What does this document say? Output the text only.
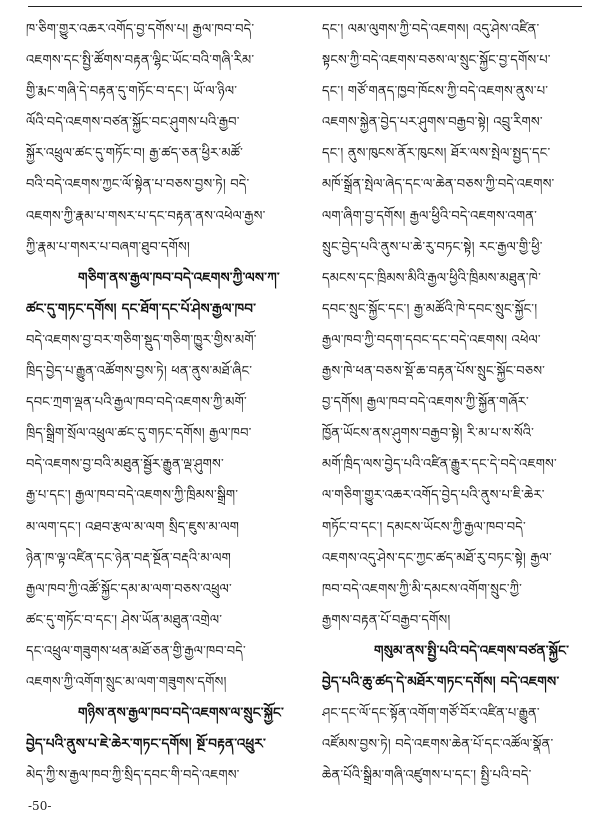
ཁ་ཅིག་གྱུར་འཆར་འགོད་བྱ་དགོས་པ། རྒྱལ་ཁབ་བདེ་
འཇགས་དང་སྤྱི་ཚོགས་བརྟན་ལྷིང་ཡོང་བའི་གཞི་རིམ་
གྱི་རྨང་གཞི་དེ་བརྟན་དུ་གཏོང་བ་དང་། ཡོ་ལ་ཉིལ་
ལོའི་བདེ་འཇགས་བཙན་སྐྱོང་བང་ཤུགས་པའི་རྒྱབ་
སྐྱོར་འཕྲུལ་ཚང་དུ་གཏོང་བ། རྒྱ་ཚད་ཅན་ཕྱིར་མཚོ་
བའི་བདེ་འཇགས་ཀྱང་ལོ་སྟེན་པ་བཅས་བྱས་ཏེ། བདེ་
འཇགས་ཀྱི་རྣམ་པ་གསར་པ་དང་བརྟན་ནས་འཕེལ་རྒྱས་
ཀྱི་རྣམ་པ་གསར་པ་བཞག་ཐུབ་དགོས།
གཅིག་ནས་རྒྱལ་ཁབ་བདེ་འཇགས་ཀྱི་ལས་ཀ་
ཚང་དུ་གཏང་དགོས། དང་ཐོག་དང་པོ་ཤེས་རྒྱལ་ཁབ་
བདེ་འཇགས་བྱ་བར་གཅིག་སྡུད་གཅིག་ཁྱུར་གྱིས་མགོ་
ཁྲིད་བྱེད་པ་རྒྱུན་འཚོགས་བྱས་ཏེ། ཕན་ནུས་མཐོ་ཞིང་
དབང་ཀྲག་ལྡན་པའི་རྒྱལ་ཁབ་བདེ་འཇགས་ཀྱི་མགོ་
ཁྲིད་སྒྲིག་སྲོལ་འཕྲུལ་ཚང་དུ་གཏང་དགོས། རྒྱལ་ཁབ་
བདེ་འཇགས་བྱ་བའི་མཐུན་སྦྱོར་རྒྱུན་ལྡ་ཤུགས་
རྒྱ་པ་དང་། རྒྱལ་ཁབ་བདེ་འཇགས་ཀྱི་ཁྲིམས་སྒྲིག་
མ་ལག་དང་། འཐབ་རྩལ་མ་ལག སྲིད་ཇུས་མ་ལག
ཉེན་ཁ་ལྟ་འཛིན་དང་ཉེན་བརྡ་སྔོན་བརྡའི་མ་ལག
རྒྱལ་ཁབ་ཀྱི་འཚོ་སྐྱོང་དམ་མ་ལག་བཅས་འཕྲུལ་
ཚང་དུ་གཏོང་བ་དང་། ཤེས་ཡོན་མཐུན་འགྲེལ་
དང་འཕྲུལ་གཟུགས་ཕན་མཐོ་ཅན་གྱི་རྒྱལ་ཁབ་བདེ་
འཇགས་ཀྱི་འགོག་སྲུང་མ་ལག་གཟུགས་དགོས།
གཉིས་ནས་རྒྱལ་ཁབ་བདེ་འཇགས་ལ་སྲུང་སྐྱོང་
བྱེད་པའི་ནུས་པ་ཇེ་ཆེར་གཏང་དགོས། སྔོ་བརྟན་འཕྲུར་
མེད་ཀྱི་ས་རྒྱལ་ཁབ་ཀྱི་སྲིད་དབང་གི་བདེ་འཇགས་
དང་། ལམ་ལུགས་ཀྱི་བདེ་འཇགས། འདུ་ཤེས་འཛིན་
སྟངས་ཀྱི་བདེ་འཇགས་བཅས་ལ་སྲུང་སྐྱོང་བྱ་དགོས་པ་
དང་། གཙོ་གནད་ཁྱབ་ཁོངས་ཀྱི་བདེ་འཇགས་ནུས་པ་
འཇགས་སྐྱེན་བྱེད་པར་ཤུགས་བརྒྱབ་སྟེ། འབྲུ་རིགས་
དང་། ནུས་ཁུངས་ནོར་ཁུངས། ཐོར་ལས་སྤེལ་སྤྱད་དང་
མཁོ་སྒྲོན་སྤེལ་ཞེད་དང་ལ་ཆེན་བཅས་ཀྱི་བདེ་འཇགས་
ལག་ཞིག་བྱ་དགོས། རྒྱལ་ཕྱིའི་བདེ་འཇགས་འགན་
སྲུང་བྱེད་པའི་ནུས་པ་ཆེ་རུ་བཏང་སྟེ། རང་རྒྱལ་གྱི་ཕྱི་
དམངས་དང་ཁྲིམས་མིའི་རྒྱལ་ཕྱིའི་ཁྲིམས་མཐུན་ཁེ་
དབང་སྲུང་སྐྱོང་དང་། རྒྱ་མཚོའི་ཁེ་དབང་སྲུང་སྐྱོང་།
རྒྱལ་ཁབ་ཀྱི་བདག་དབང་དང་བདེ་འཇགས། འཕེལ་
རྒྱས་ཁེ་ཕན་བཅས་སྡོ་ཆ་བརྟན་པོས་སྲུང་སྐྱོང་བཅས་
བྱ་དགོས། རྒྱལ་ཁབ་བདེ་འཇགས་ཀྱི་སྐྱོན་གཞོར་
ཁྱོན་ཡོངས་ནས་ཤུགས་བརྒྱབ་སྟེ། རི་མ་པ་ས་སོའི་
མགོ་ཁྲིད་ལས་བྱེད་པའི་འཛིན་རྒྱུར་དང་དེ་བདེ་འཇགས་
ལ་གཅིག་གྱུར་འཆར་འགོད་བྱེད་པའི་ནུས་པ་ཇི་ཆེར་
གཏོང་བ་དང་། དམངས་ཡོངས་ཀྱི་རྒྱལ་ཁབ་བདེ་
འཇགས་འདུ་ཤེས་དང་ཀྱང་ཚད་མཐོ་རུ་བཏང་སྟེ། རྒྱལ་
ཁབ་བདེ་འཇགས་ཀྱི་མི་དམངས་འགོག་སྲུང་ཀྱི་
རྒྱགས་བརྟན་པོ་བརྒྱབ་དགོས།
གསུམ་ནས་སྤྱི་པའི་བདེ་འཇགས་བཙན་སྐྱོང་
བྱེད་པའི་ཆུ་ཚད་དེ་མཐོར་གཏང་དགོས། བདེ་འཇགས་
ཤང་དང་ལོ་དང་སྟོན་འགོག་གཙོ་བོར་འཛིན་པ་རྒྱུན་
འཛོམས་བྱས་ཏེ། བདེ་འཇགས་ཆེན་པོ་དང་འཚོལ་སྣོན་
ཆེན་པོའི་སྒྲིམ་གཞི་འཛུགས་པ་དང་། སྤྱི་པའི་བདེ་
-50-
